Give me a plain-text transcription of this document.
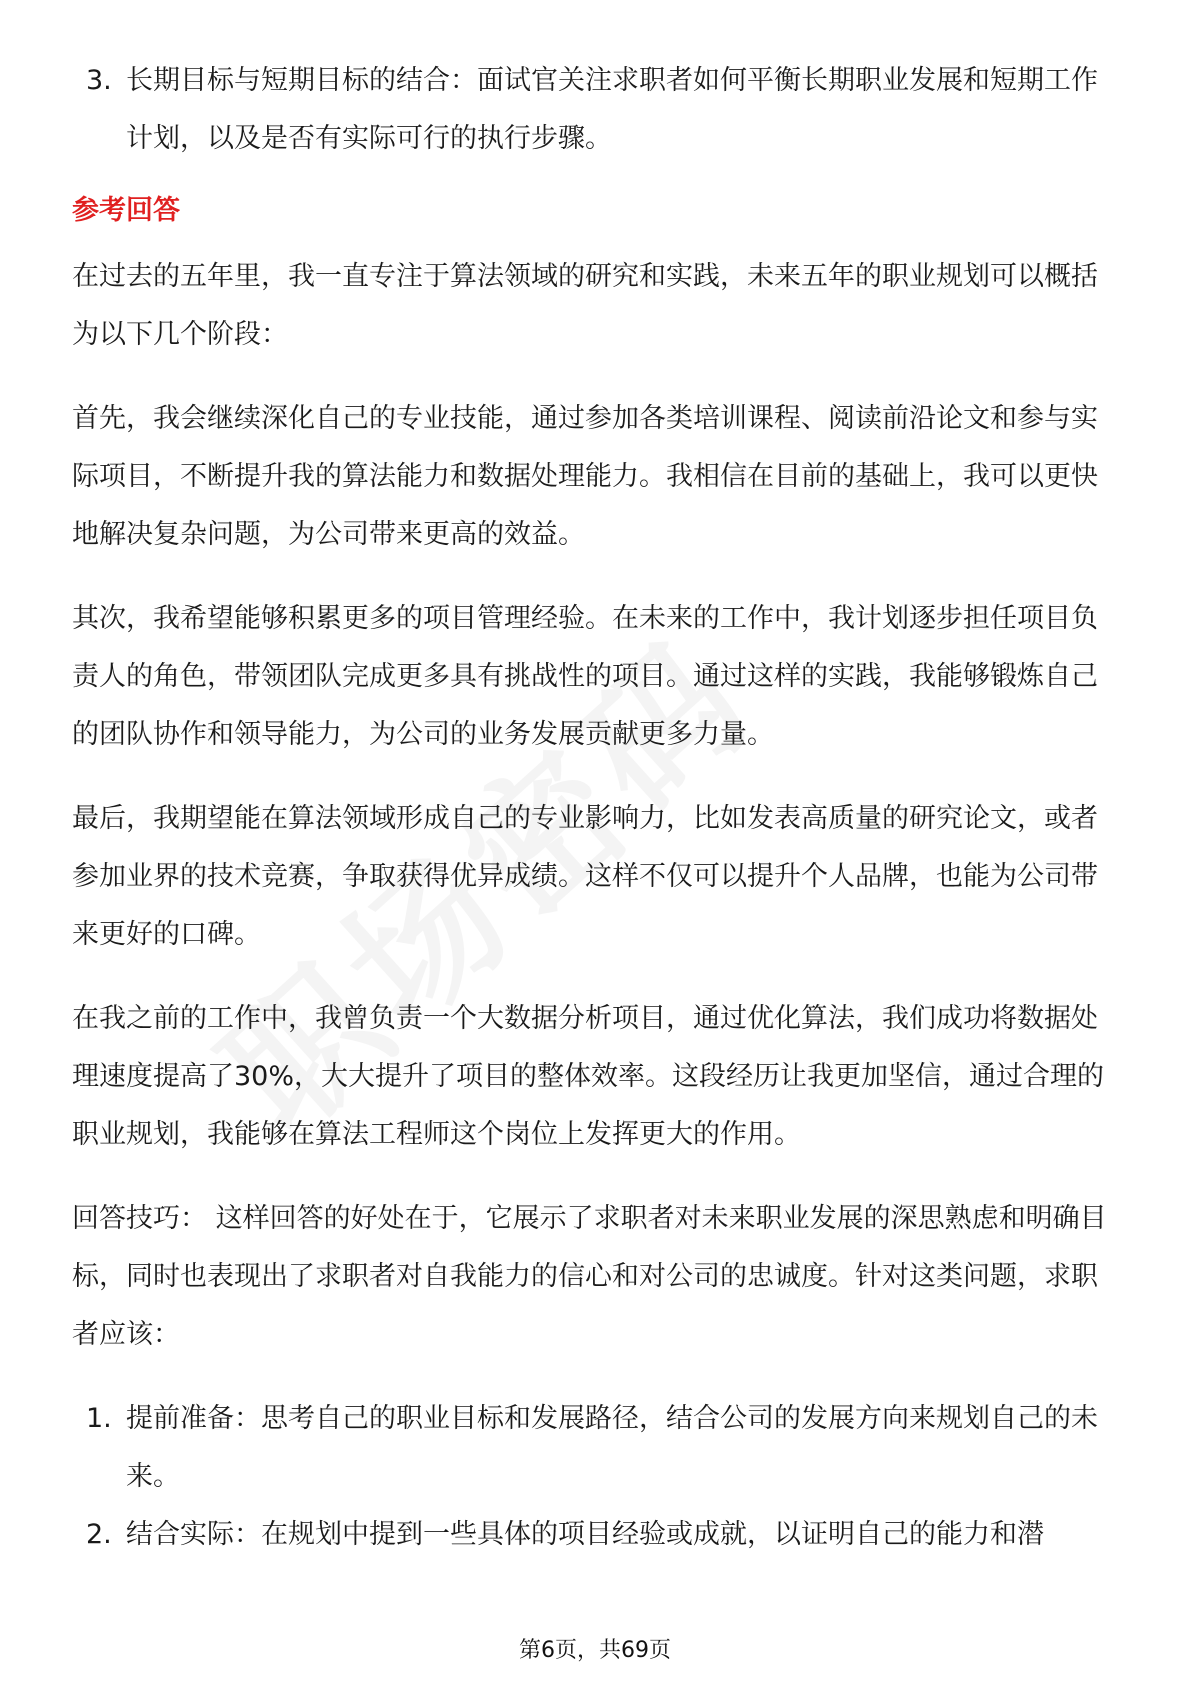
3. 长期目标与短期目标的结合：面试官关注求职者如何平衡长期职业发展和短期工作计划，以及是否有实际可行的执行步骤。
参考回答

在过去的五年里，我一直专注于算法领域的研究和实践，未来五年的职业规划可以概括为以下几个阶段：

首先，我会继续深化自己的专业技能，通过参加各类培训课程、阅读前沿论文和参与实际项目，不断提升我的算法能力和数据处理能力。我相信在目前的基础上，我可以更快地解决复杂问题，为公司带来更高的效益。

其次，我希望能够积累更多的项目管理经验。在未来的工作中，我计划逐步担任项目负责人的角色，带领团队完成更多具有挑战性的项目。通过这样的实践，我能够锻炼自己的团队协作和领导能力，为公司的业务发展贡献更多力量。

最后，我期望能在算法领域形成自己的专业影响力，比如发表高质量的研究论文，或者参加业界的技术竞赛，争取获得优异成绩。这样不仅可以提升个人品牌，也能为公司带来更好的口碑。

在我之前的工作中，我曾负责一个大数据分析项目，通过优化算法，我们成功将数据处理速度提高了30%，大大提升了项目的整体效率。这段经历让我更加坚信，通过合理的职业规划，我能够在算法工程师这个岗位上发挥更大的作用。

回答技巧： 这样回答的好处在于，它展示了求职者对未来职业发展的深思熟虑和明确目标，同时也表现出了求职者对自我能力的信心和对公司的忠诚度。针对这类问题，求职者应该：

1. 提前准备：思考自己的职业目标和发展路径，结合公司的发展方向来规划自己的未来。
2. 结合实际：在规划中提到一些具体的项目经验或成就，以证明自己的能力和潜
第6页，共69页
